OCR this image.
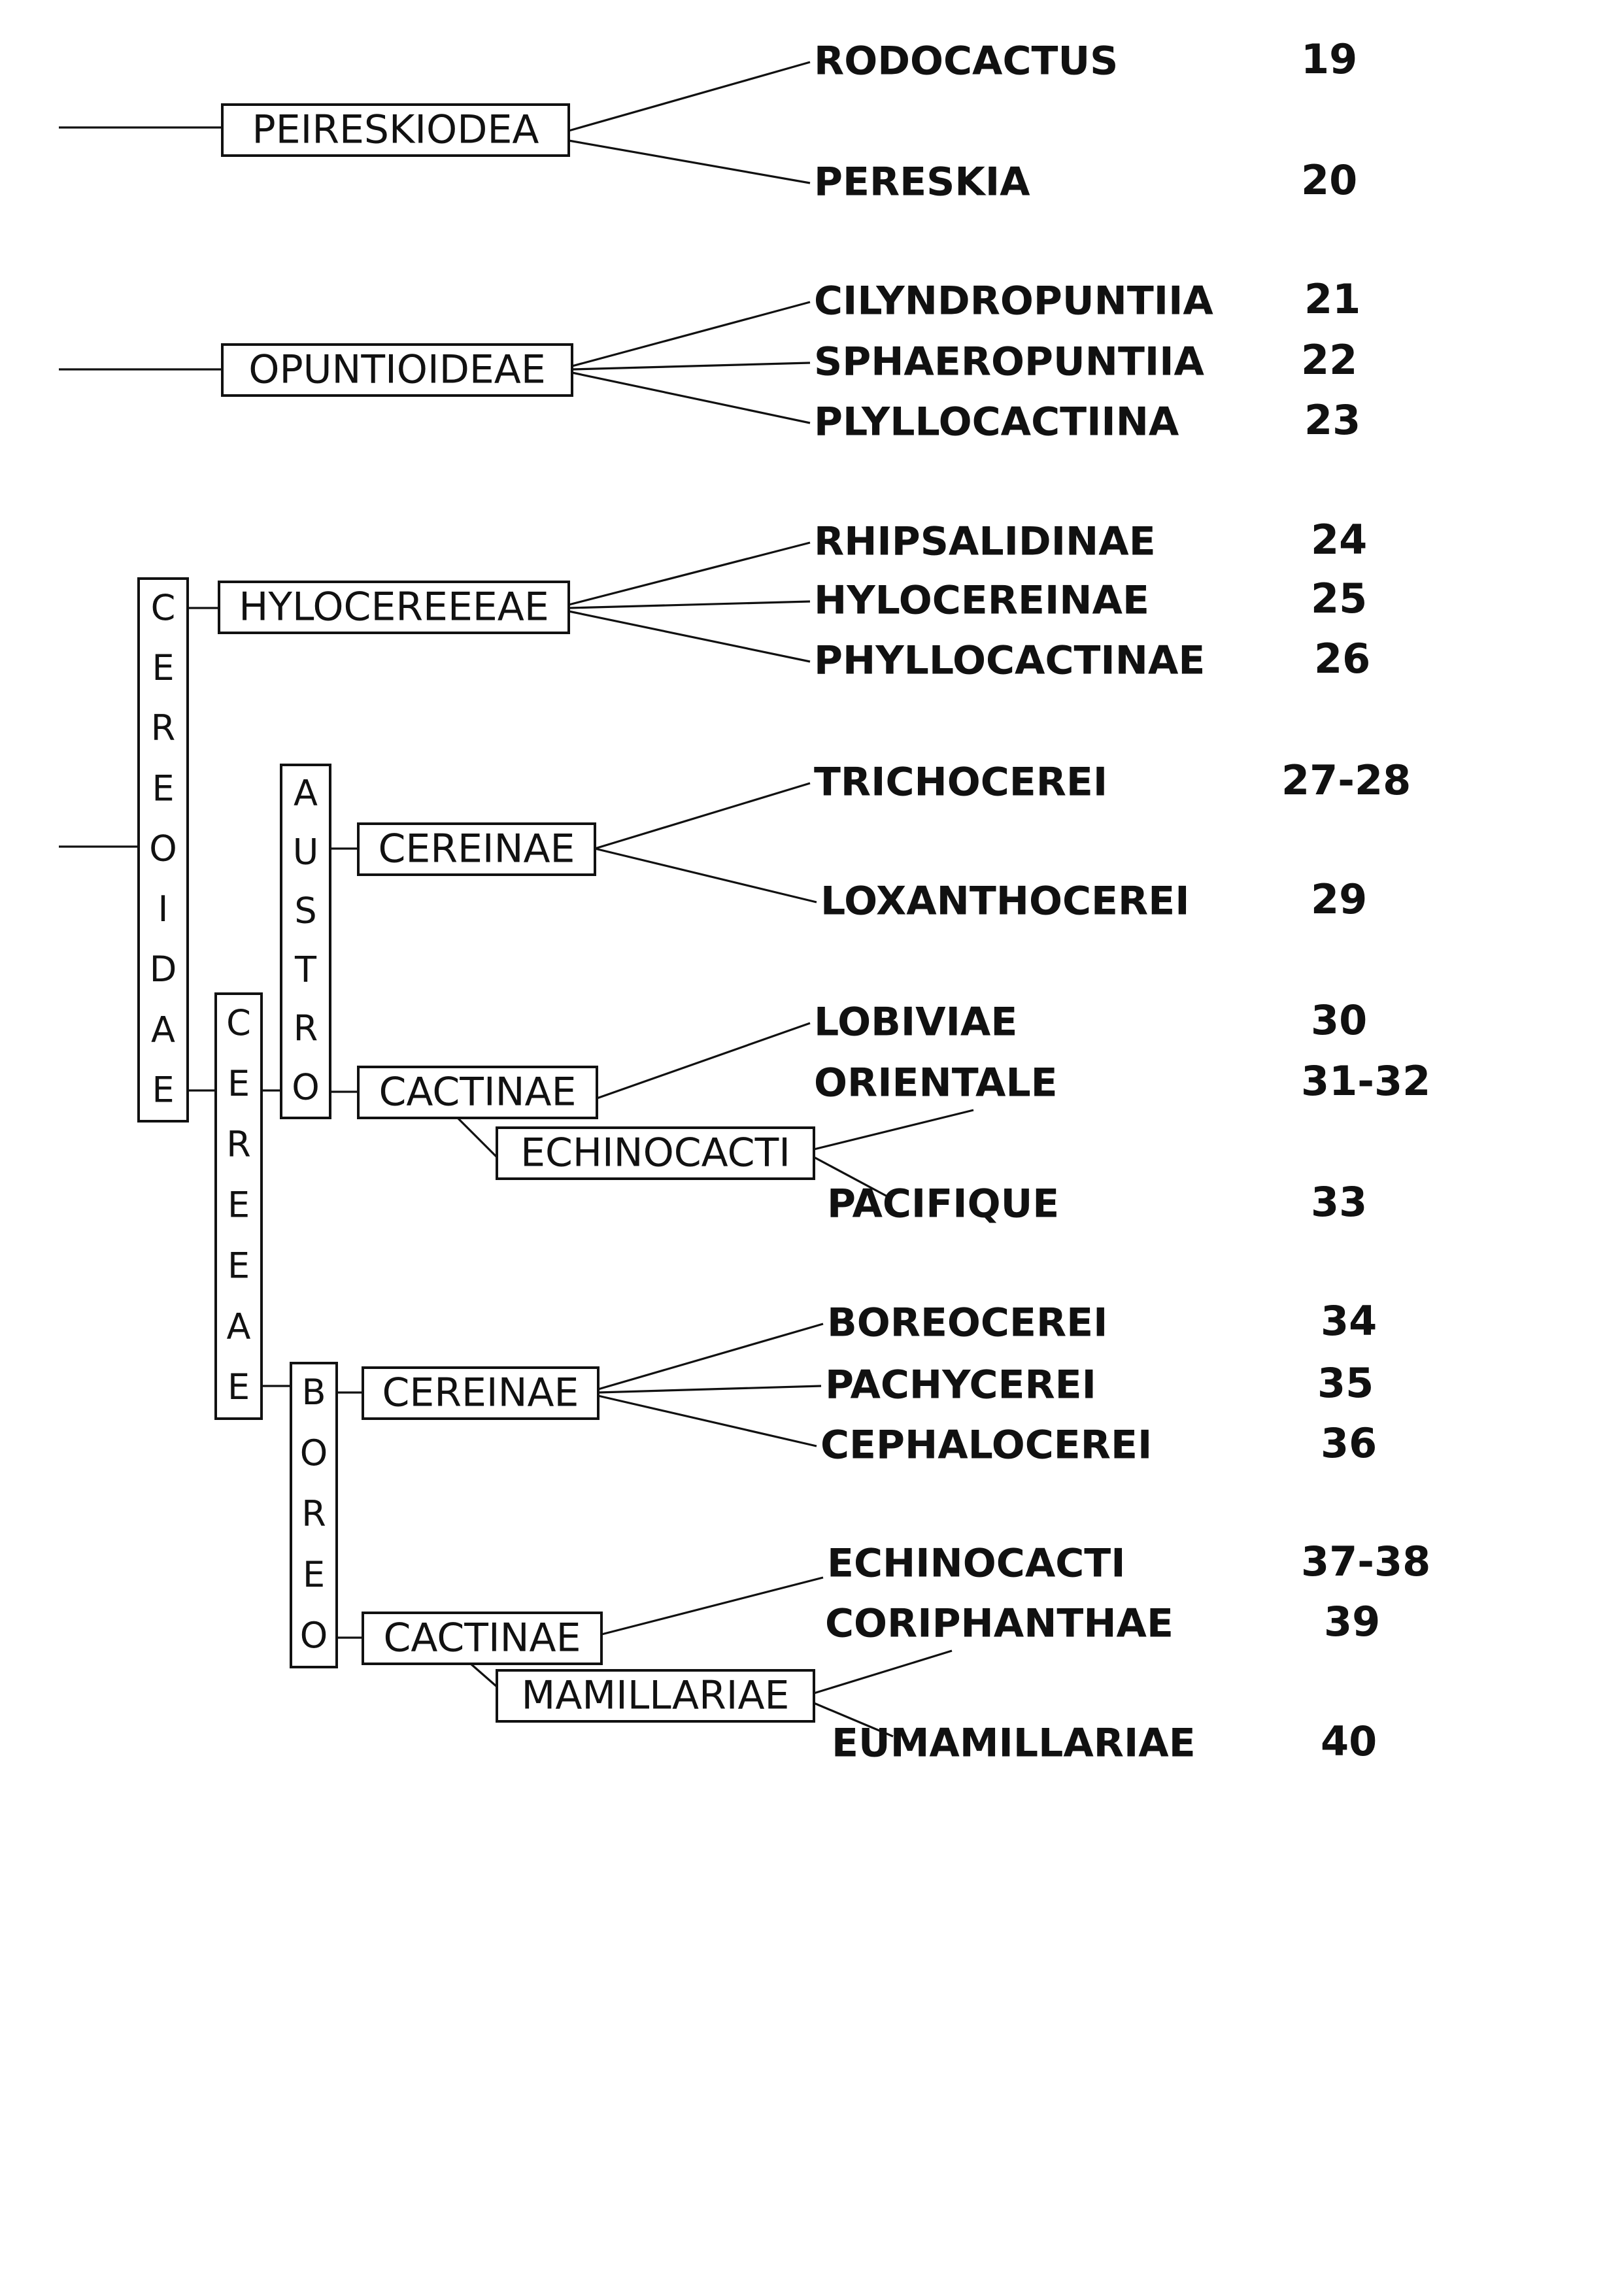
PEIRESKIODEA
OPUNTIOIDEAE
C
E
R
E
O
I
D
A
E
HYLOCEREEEAE
C
E
R
E
E
A
E
A
U
S
T
R
O
B
O
R
E
O
CEREINAE
CACTINAE
ECHINOCACTI
CEREINAE
CACTINAE
MAMILLARIAE
RODOCACTUS	19
PERESKIA	20
CILYNDROPUNTIIA 21
SPHAEROPUNTIIA 22
PLYLLOCACTIINA	23
RHIPSALIDINAE	24
HYLOCEREINAE	25
PHYLLOCACTINAE	26
TRICHOCEREI	27-28
LOXANTHOCEREI	29
LOBIVIAE	30
ORIENTALE	31-32
PACIFIQUE	33
BOREOCEREI	34
PACHYCEREI	35
CEPHALOCEREI	36
ECHINOCACTI	37-38
CORIPHANTHAE	39
EUMAMILLARIAE	40
